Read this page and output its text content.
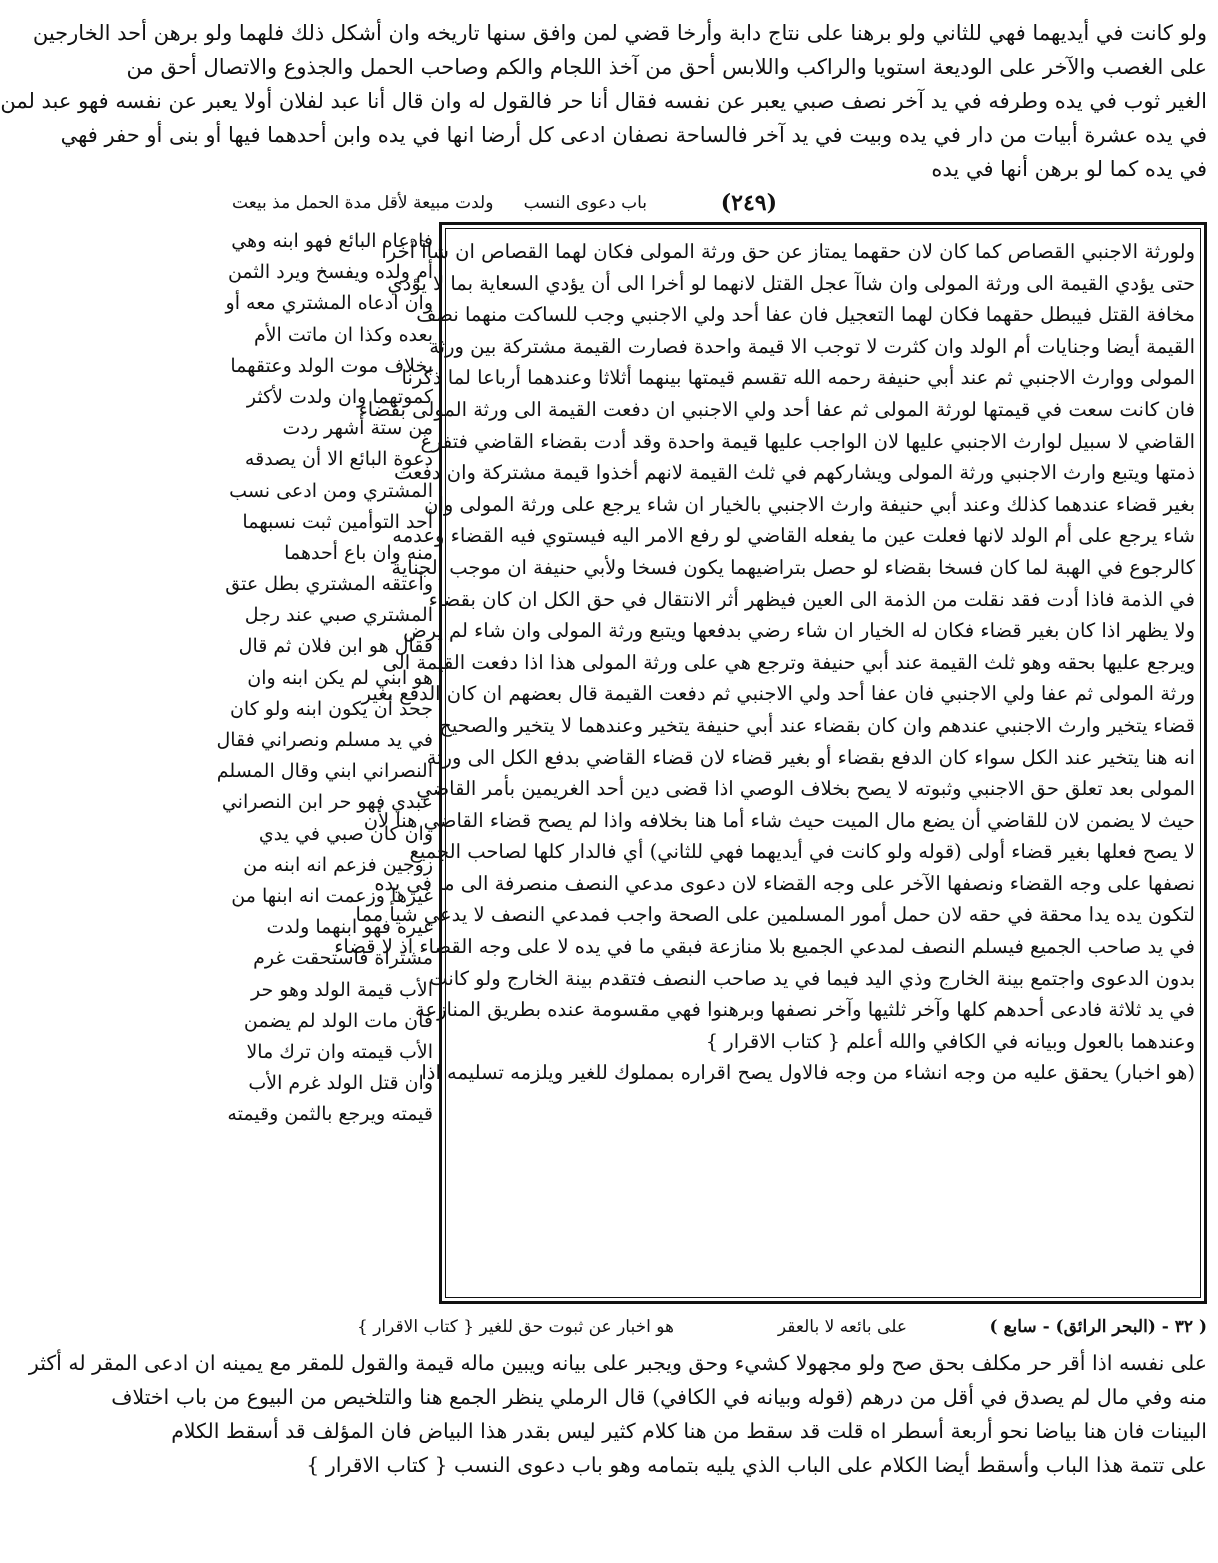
ولو كانت في أيديهما فهي للثاني ولو برهنا على نتاج دابة وأرخا قضي لمن وافق سنها تاريخه وان أشكل ذلك فلهما ولو برهن أحد الخارجين
على الغصب والآخر على الوديعة استويا والراكب واللابس أحق من آخذ اللجام والكم وصاحب الحمل والجذوع والاتصال أحق من
الغير ثوب في يده وطرفه في يد آخر نصف صبي يعبر عن نفسه فقال أنا حر فالقول له وان قال أنا عبد لفلان أولا يعبر عن نفسه فهو عبد لمن
في يده عشرة أبيات من دار في يده وبيت في يد آخر فالساحة نصفان ادعى كل أرضا انها في يده وابن أحدهما فيها أو بنى أو حفر فهي
في يده كما لو برهن أنها في يده
(٢٤٩)
باب دعوى النسب
ولدت مبيعة لأقل مدة الحمل مذ بيعت
ولورثة الاجنبي القصاص كما كان لان حقهما يمتاز عن حق ورثة المولى فكان لهما القصاص ان شاآ أخرا
حتى يؤدي القيمة الى ورثة المولى وان شاآ عجل القتل لانهما لو أخرا الى أن يؤدي السعاية بما لا يؤدي
مخافة القتل فيبطل حقهما فكان لهما التعجيل فان عفا أحد ولي الاجنبي وجب للساكت منهما نصف
القيمة أيضا وجنايات أم الولد وان كثرت لا توجب الا قيمة واحدة فصارت القيمة مشتركة بين ورثة
المولى ووارث الاجنبي ثم عند أبي حنيفة رحمه الله تقسم قيمتها بينهما أثلاثا وعندهما أرباعا لما ذكرنا
فان كانت سعت في قيمتها لورثة المولى ثم عفا أحد ولي الاجنبي ان دفعت القيمة الى ورثة المولى بقضاء
القاضي لا سبيل لوارث الاجنبي عليها لان الواجب عليها قيمة واحدة وقد أدت بقضاء القاضي فتفرغ
ذمتها ويتبع وارث الاجنبي ورثة المولى ويشاركهم في ثلث القيمة لانهم أخذوا قيمة مشتركة وان دفعت
بغير قضاء عندهما كذلك وعند أبي حنيفة وارث الاجنبي بالخيار ان شاء يرجع على ورثة المولى وان
شاء يرجع على أم الولد لانها فعلت عين ما يفعله القاضي لو رفع الامر اليه فيستوي فيه القضاء وعدمه
كالرجوع في الهبة لما كان فسخا بقضاء لو حصل بتراضيهما يكون فسخا ولأبي حنيفة ان موجب الجناية
في الذمة فاذا أدت فقد نقلت من الذمة الى العين فيظهر أثر الانتقال في حق الكل ان كان بقضاء
ولا يظهر اذا كان بغير قضاء فكان له الخيار ان شاء رضي بدفعها ويتبع ورثة المولى وان شاء لم يرض
ويرجع عليها بحقه وهو ثلث القيمة عند أبي حنيفة وترجع هي على ورثة المولى هذا اذا دفعت القيمة الى
ورثة المولى ثم عفا ولي الاجنبي فان عفا أحد ولي الاجنبي ثم دفعت القيمة قال بعضهم ان كان الدفع بغير
قضاء يتخير وارث الاجنبي عندهم وان كان بقضاء عند أبي حنيفة يتخير وعندهما لا يتخير والصحيح
انه هنا يتخير عند الكل سواء كان الدفع بقضاء أو بغير قضاء لان قضاء القاضي بدفع الكل الى ورثة
المولى بعد تعلق حق الاجنبي وثبوته لا يصح بخلاف الوصي اذا قضى دين أحد الغريمين بأمر القاضي
حيث لا يضمن لان للقاضي أن يضع مال الميت حيث شاء أما هنا بخلافه واذا لم يصح قضاء القاضي هنا لأن
لا يصح فعلها بغير قضاء أولى (قوله ولو كانت في أيديهما فهي للثاني) أي فالدار كلها لصاحب الجميع
نصفها على وجه القضاء ونصفها الآخر على وجه القضاء لان دعوى مدعي النصف منصرفة الى ما في يده
لتكون يده يدا محقة في حقه لان حمل أمور المسلمين على الصحة واجب فمدعي النصف لا يدعي شيأ مما
في يد صاحب الجميع فيسلم النصف لمدعي الجميع بلا منازعة فبقي ما في يده لا على وجه القضاء اذ لا قضاء
بدون الدعوى واجتمع بينة الخارج وذي اليد فيما في يد صاحب النصف فتقدم بينة الخارج ولو كانت
في يد ثلاثة فادعى أحدهم كلها وآخر ثلثيها وآخر نصفها وبرهنوا فهي مقسومة عنده بطريق المنازعة
وعندهما بالعول وبيانه في الكافي والله أعلم { كتاب الاقرار }
(هو اخبار) يحقق عليه من وجه انشاء من وجه فالاول يصح اقراره بمملوك للغير ويلزمه تسليمه اذا
فادعاه البائع فهو ابنه وهي
أم ولده ويفسخ ويرد الثمن
وان ادعاه المشتري معه أو
بعده وكذا ان ماتت الأم
بخلاف موت الولد وعتقهما
كموتهما وان ولدت لأكثر
من ستة أشهر ردت
دعوة البائع الا أن يصدقه
المشتري ومن ادعى نسب
أحد التوأمين ثبت نسبهما
منه وان باع أحدهما
وأعتقه المشتري بطل عتق
المشتري صبي عند رجل
فقال هو ابن فلان ثم قال
هو ابني لم يكن ابنه وان
جحد أن يكون ابنه ولو كان
في يد مسلم ونصراني فقال
النصراني ابني وقال المسلم
عبدي فهو حر ابن النصراني
وان كان صبي في يدي
زوجين فزعم انه ابنه من
غيرها وزعمت انه ابنها من
غيره فهو ابنهما ولدت
مشتراة فاستحقت غرم
الأب قيمة الولد وهو حر
فان مات الولد لم يضمن
الأب قيمته وان ترك مالا
وان قتل الولد غرم الأب
قيمته ويرجع بالثمن وقيمته
( ٣٢ - (البحر الرائق) - سابع )
على بائعه لا بالعقر
هو اخبار عن ثبوت حق للغير { كتاب الاقرار }
على نفسه اذا أقر حر مكلف بحق صح ولو مجهولا كشيء وحق ويجبر على بيانه ويبين ماله قيمة والقول للمقر مع يمينه ان ادعى المقر له أكثر
منه وفي مال لم يصدق في أقل من درهم (قوله وبيانه في الكافي) قال الرملي ينظر الجمع هنا والتلخيص من البيوع من باب اختلاف
البينات فان هنا بياضا نحو أربعة أسطر اه قلت قد سقط من هنا كلام كثير ليس بقدر هذا البياض فان المؤلف قد أسقط الكلام
على تتمة هذا الباب وأسقط أيضا الكلام على الباب الذي يليه بتمامه وهو باب دعوى النسب { كتاب الاقرار }
